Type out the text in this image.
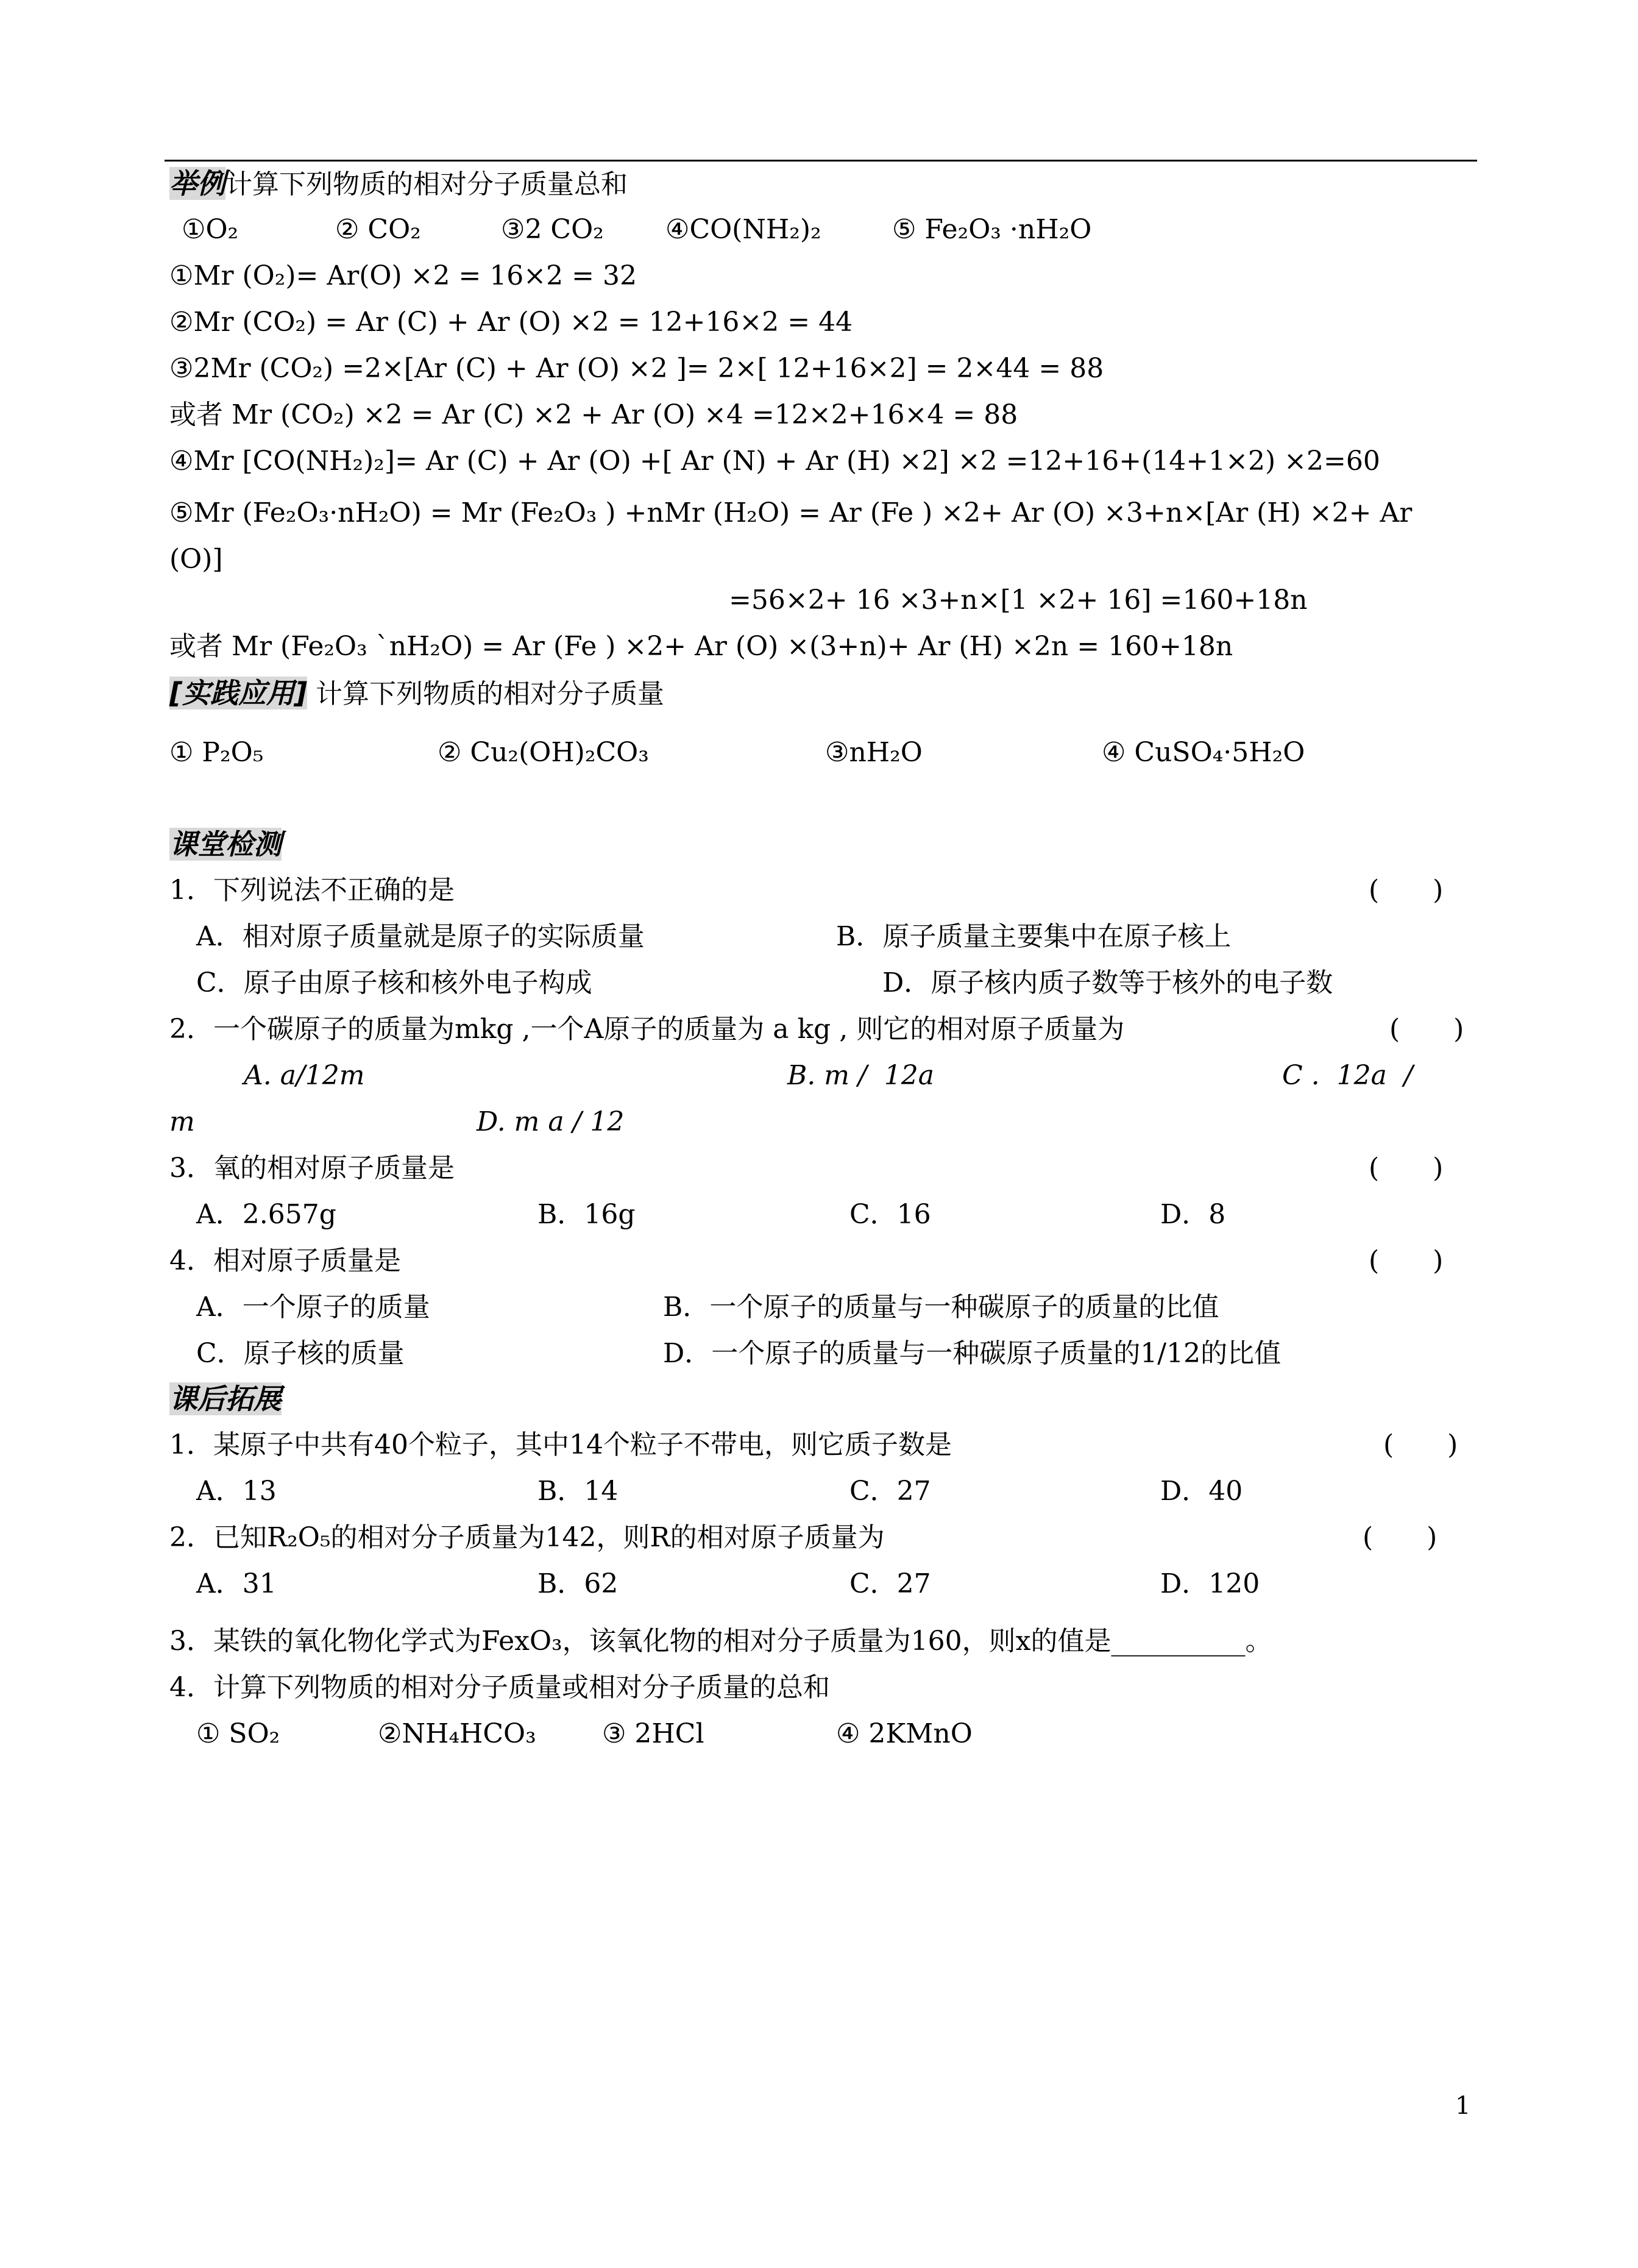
举例计算下列物质的相对分子质量总和
①O₂	② CO₂	③2 CO₂ ④CO(NH₂)₂	⑤ Fe₂O₃ ·nH₂O
①Mr (O₂)= Ar(O) ×2 = 16×2 = 32
②Mr (CO₂) = Ar (C) + Ar (O) ×2 = 12+16×2 = 44
③2Mr (CO₂) =2×[Ar (C) + Ar (O) ×2 ]= 2×[ 12+16×2] = 2×44 = 88
或者 Mr (CO₂) ×2 = Ar (C) ×2 + Ar (O) ×4 =12×2+16×4 = 88
④Mr [CO(NH₂)₂]= Ar (C) + Ar (O) +[ Ar (N) + Ar (H) ×2] ×2 =12+16+(14+1×2) ×2=60
⑤Mr (Fe₂O₃·nH₂O) = Mr (Fe₂O₃ ) +nMr (H₂O) = Ar (Fe ) ×2+ Ar (O) ×3+n×[Ar (H) ×2+ Ar (O)]
=56×2+ 16 ×3+n×[1 ×2+ 16] =160+18n
或者 Mr (Fe₂O₃ `nH₂O) = Ar (Fe ) ×2+ Ar (O) ×(3+n)+ Ar (H) ×2n = 160+18n
[实践应用] 计算下列物质的相对分子质量
① P₂O₅	② Cu₂(OH)₂CO₃	③nH₂O	④ CuSO₄·5H₂O
课堂检测
1．下列说法不正确的是	(　　)
A．相对原子质量就是原子的实际质量	B．原子质量主要集中在原子核上
C．原子由原子核和核外电子构成	D．原子核内质子数等于核外的电子数
2．一个碳原子的质量为mkg ,一个A原子的质量为 a kg , 则它的相对原子质量为	(　　)
A. a/12m	B. m /  12a	C .  12a  /
m	D. m a / 12
3．氧的相对原子质量是	(　　)
A．2.657g	B．16g	C．16	D．8
4．相对原子质量是	(　　)
A．一个原子的质量	B．一个原子的质量与一种碳原子的质量的比值
C．原子核的质量	D．一个原子的质量与一种碳原子质量的1/12的比值
课后拓展
1．某原子中共有40个粒子，其中14个粒子不带电，则它质子数是	(　　)
A．13	B．14	C．27	D．40
2．已知R₂O₅的相对分子质量为142，则R的相对原子质量为	(　　)
A．31	B．62	C．27	D．120
3．某铁的氧化物化学式为FexO₃，该氧化物的相对分子质量为160，则x的值是__________。
4．计算下列物质的相对分子质量或相对分子质量的总和
① SO₂	②NH₄HCO₃ ③ 2HCl	④ 2KMnO
1
